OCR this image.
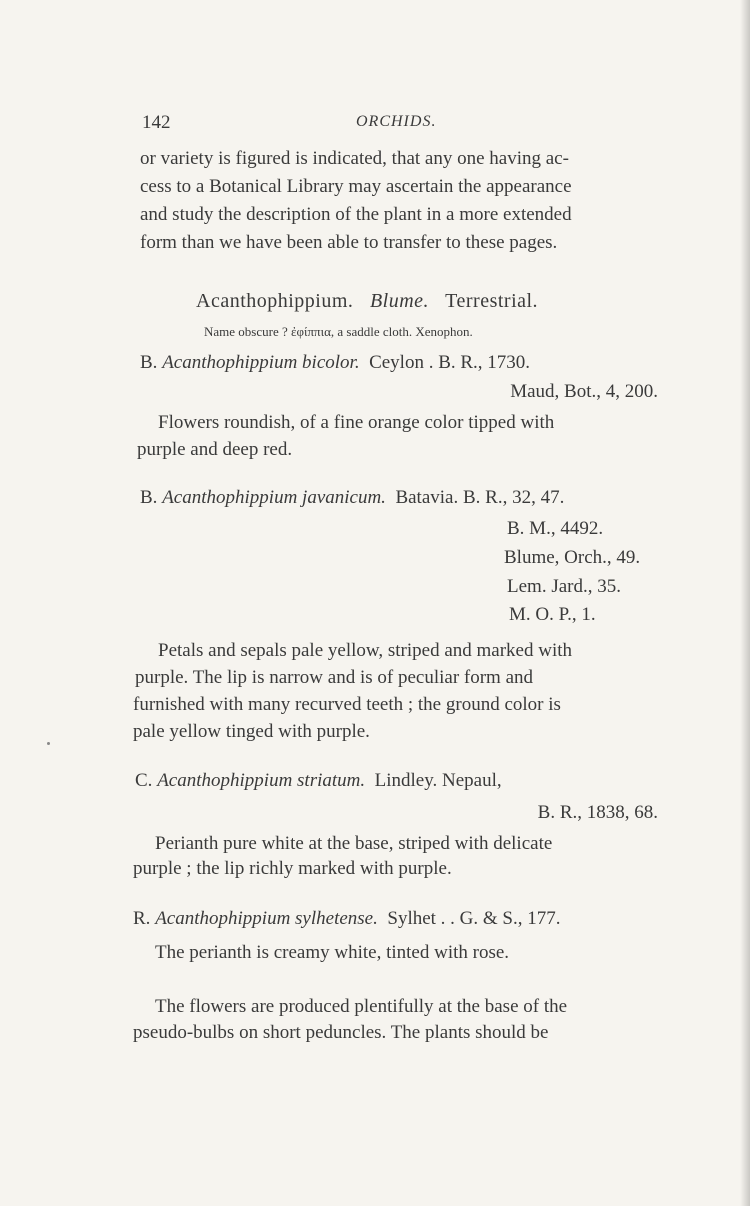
142	ORCHIDS.
or variety is figured is indicated, that any one having ac-
cess to a Botanical Library may ascertain the appearance
and study the description of the plant in a more extended
form than we have been able to transfer to these pages.
Acanthophippium. Blume. Terrestrial.
Name obscure ? ἐφίππια, a saddle cloth. Xenophon.
B. Acanthophippium bicolor. Ceylon . B. R., 1730.
Maud, Bot., 4, 200.
Flowers roundish, of a fine orange color tipped with
purple and deep red.
B. Acanthophippium javanicum. Batavia. B. R., 32, 47.
B. M., 4492.
Blume, Orch., 49.
Lem. Jard., 35.
M. O. P., 1.
Petals and sepals pale yellow, striped and marked with
purple. The lip is narrow and is of peculiar form and
furnished with many recurved teeth ; the ground color is
pale yellow tinged with purple.
C. Acanthophippium striatum. Lindley. Nepaul,
B. R., 1838, 68.
Perianth pure white at the base, striped with delicate
purple ; the lip richly marked with purple.
R. Acanthophippium sylhetense. Sylhet . . G. & S., 177.
The perianth is creamy white, tinted with rose.
The flowers are produced plentifully at the base of the
pseudo-bulbs on short peduncles. The plants should be
